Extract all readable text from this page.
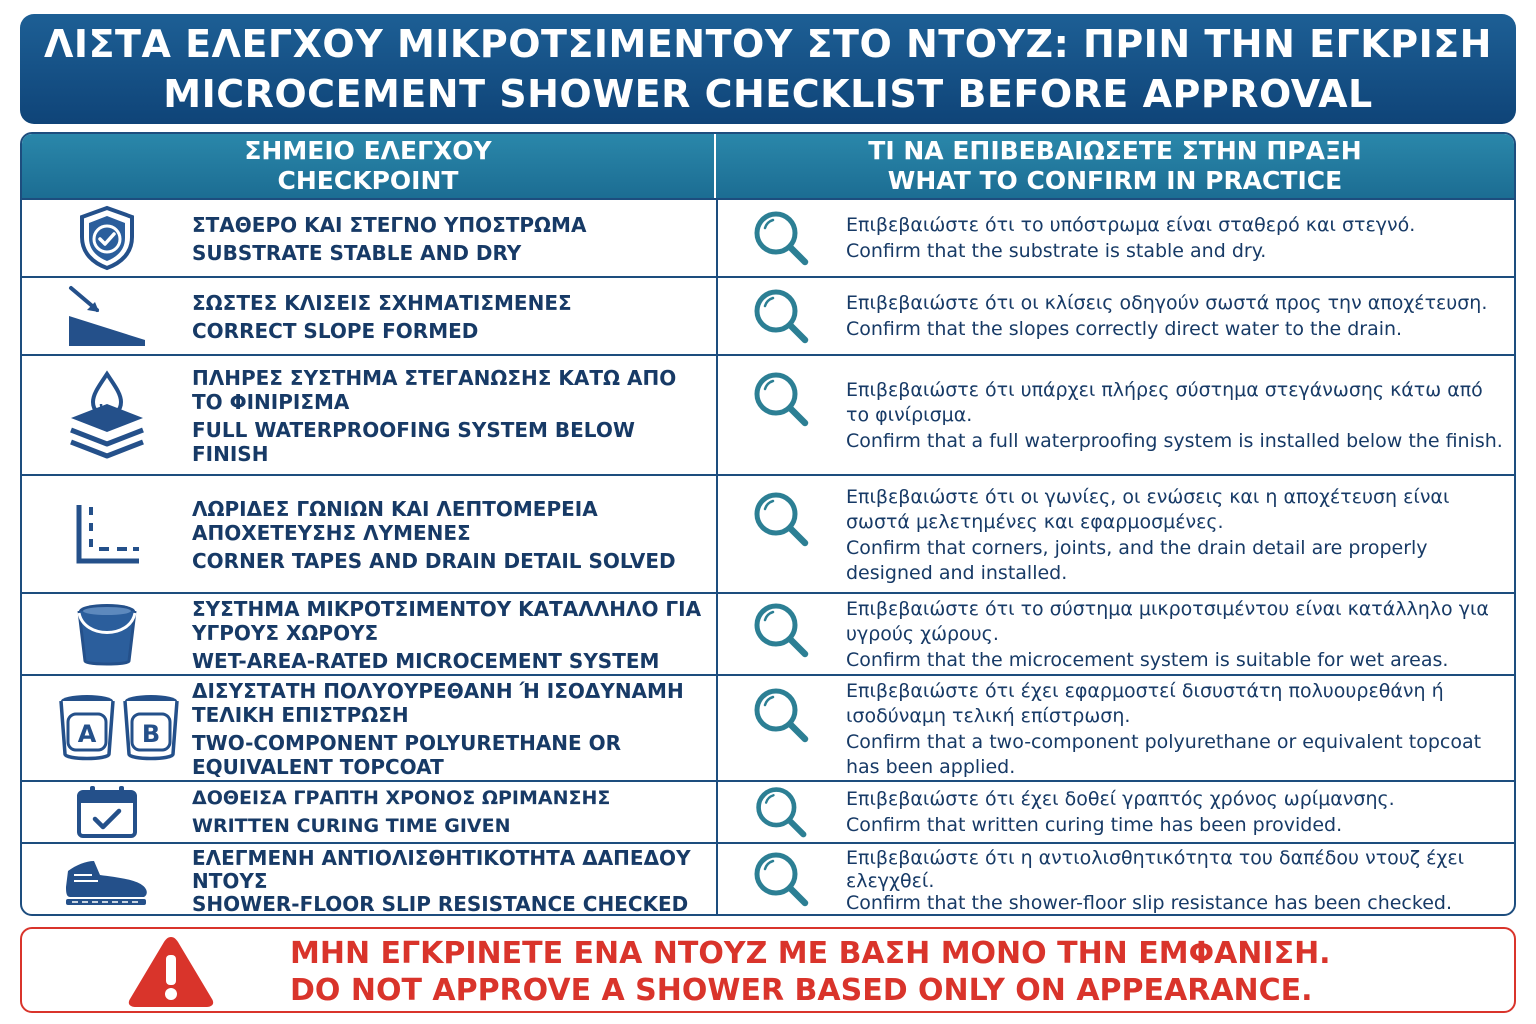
ΛΙΣΤΑ ΕΛΕΓΧΟΥ ΜΙΚΡΟΤΣΙΜΕΝΤΟΥ ΣΤΟ ΝΤΟΥΖ: ΠΡΙΝ ΤΗΝ ΕΓΚΡΙΣΗ
MICROCEMENT SHOWER CHECKLIST BEFORE APPROVAL
ΣΗΜΕΙΟ ΕΛΕΓΧΟΥ
CHECKPOINT
ΤΙ ΝΑ ΕΠΙΒΕΒΑΙΩΣΕΤΕ ΣΤΗΝ ΠΡΑΞΗ
WHAT TO CONFIRM IN PRACTICE
ΣΤΑΘΕΡΟ ΚΑΙ ΣΤΕΓΝΟ ΥΠΟΣΤΡΩΜΑ
SUBSTRATE STABLE AND DRY
Επιβεβαιώστε ότι το υπόστρωμα είναι σταθερό και στεγνό.
Confirm that the substrate is stable and dry.
ΣΩΣΤΕΣ ΚΛΙΣΕΙΣ ΣΧΗΜΑΤΙΣΜΕΝΕΣ
CORRECT SLOPE FORMED
Επιβεβαιώστε ότι οι κλίσεις οδηγούν σωστά προς την αποχέτευση.
Confirm that the slopes correctly direct water to the drain.
ΠΛΗΡΕΣ ΣΥΣΤΗΜΑ ΣΤΕΓΑΝΩΣΗΣ ΚΑΤΩ ΑΠΟ ΤΟ ΦΙΝΙΡΙΣΜΑ
FULL WATERPROOFING SYSTEM BELOW FINISH
Επιβεβαιώστε ότι υπάρχει πλήρες σύστημα στεγάνωσης κάτω από το φινίρισμα.
Confirm that a full waterproofing system is installed below the finish.
ΛΩΡΙΔΕΣ ΓΩΝΙΩΝ ΚΑΙ ΛΕΠΤΟΜΕΡΕΙΑ ΑΠΟΧΕΤΕΥΣΗΣ ΛΥΜΕΝΕΣ
CORNER TAPES AND DRAIN DETAIL SOLVED
Επιβεβαιώστε ότι οι γωνίες, οι ενώσεις και η αποχέτευση είναι σωστά μελετημένες και εφαρμοσμένες.
Confirm that corners, joints, and the drain detail are properly designed and installed.
ΣΥΣΤΗΜΑ ΜΙΚΡΟΤΣΙΜΕΝΤΟΥ ΚΑΤΑΛΛΗΛΟ ΓΙΑ ΥΓΡΟΥΣ ΧΩΡΟΥΣ
WET-AREA-RATED MICROCEMENT SYSTEM
Επιβεβαιώστε ότι το σύστημα μικροτσιμέντου είναι κατάλληλο για υγρούς χώρους.
Confirm that the microcement system is suitable for wet areas.
A B
ΔΙΣΥΣΤΑΤΗ ΠΟΛΥΟΥΡΕΘΑΝΗ Ή ΙΣΟΔΥΝΑΜΗ ΤΕΛΙΚΗ ΕΠΙΣΤΡΩΣΗ
TWO-COMPONENT POLYURETHANE OR EQUIVALENT TOPCOAT
Επιβεβαιώστε ότι έχει εφαρμοστεί δισυστάτη πολυουρεθάνη ή ισοδύναμη τελική επίστρωση.
Confirm that a two-component polyurethane or equivalent topcoat has been applied.
ΔΟΘΕΙΣΑ ΓΡΑΠΤΗ ΧΡΟΝΟΣ ΩΡΙΜΑΝΣΗΣ
WRITTEN CURING TIME GIVEN
Επιβεβαιώστε ότι έχει δοθεί γραπτός χρόνος ωρίμανσης.
Confirm that written curing time has been provided.
ΕΛΕΓΜΕΝΗ ΑΝΤΙΟΛΙΣΘΗΤΙΚΟΤΗΤΑ ΔΑΠΕΔΟΥ ΝΤΟΥΣ
SHOWER-FLOOR SLIP RESISTANCE CHECKED
Επιβεβαιώστε ότι η αντιολισθητικότητα του δαπέδου ντουζ έχει ελεγχθεί.
Confirm that the shower-floor slip resistance has been checked.
ΜΗΝ ΕΓΚΡΙΝΕΤΕ ΕΝΑ ΝΤΟΥΖ ΜΕ ΒΑΣΗ ΜΟΝΟ ΤΗΝ ΕΜΦΑΝΙΣΗ.
DO NOT APPROVE A SHOWER BASED ONLY ON APPEARANCE.
